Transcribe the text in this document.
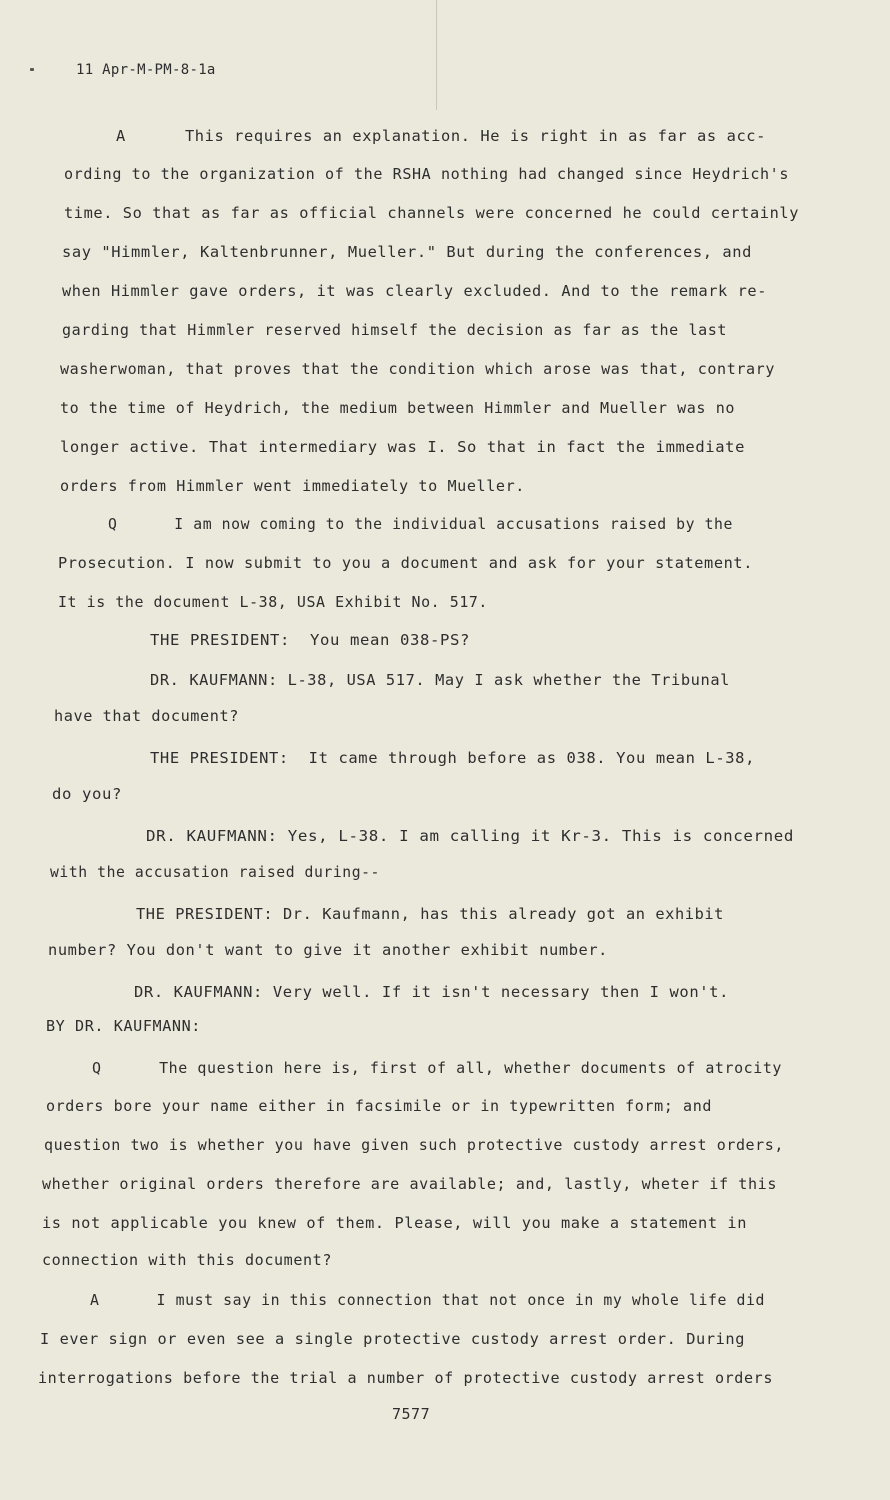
11 Apr-M-PM-8-1a
A      This requires an explanation. He is right in as far as acc-
ording to the organization of the RSHA nothing had changed since Heydrich's
time. So that as far as official channels were concerned he could certainly
say "Himmler, Kaltenbrunner, Mueller." But during the conferences, and
when Himmler gave orders, it was clearly excluded. And to the remark re-
garding that Himmler reserved himself the decision as far as the last
washerwoman, that proves that the condition which arose was that, contrary
to the time of Heydrich, the medium between Himmler and Mueller was no
longer active. That intermediary was I. So that in fact the immediate
orders from Himmler went immediately to Mueller.
Q      I am now coming to the individual accusations raised by the
Prosecution. I now submit to you a document and ask for your statement.
It is the document L-38, USA Exhibit No. 517.
THE PRESIDENT:  You mean 038-PS?
DR. KAUFMANN: L-38, USA 517. May I ask whether the Tribunal
have that document?
THE PRESIDENT:  It came through before as 038. You mean L-38,
do you?
DR. KAUFMANN: Yes, L-38. I am calling it Kr-3. This is concerned
with the accusation raised during--
THE PRESIDENT: Dr. Kaufmann, has this already got an exhibit
number? You don't want to give it another exhibit number.
DR. KAUFMANN: Very well. If it isn't necessary then I won't.
BY DR. KAUFMANN:
Q      The question here is, first of all, whether documents of atrocity
orders bore your name either in facsimile or in typewritten form; and
question two is whether you have given such protective custody arrest orders,
whether original orders therefore are available; and, lastly, wheter if this
is not applicable you knew of them. Please, will you make a statement in
connection with this document?
A      I must say in this connection that not once in my whole life did
I ever sign or even see a single protective custody arrest order. During
interrogations before the trial a number of protective custody arrest orders
7577
